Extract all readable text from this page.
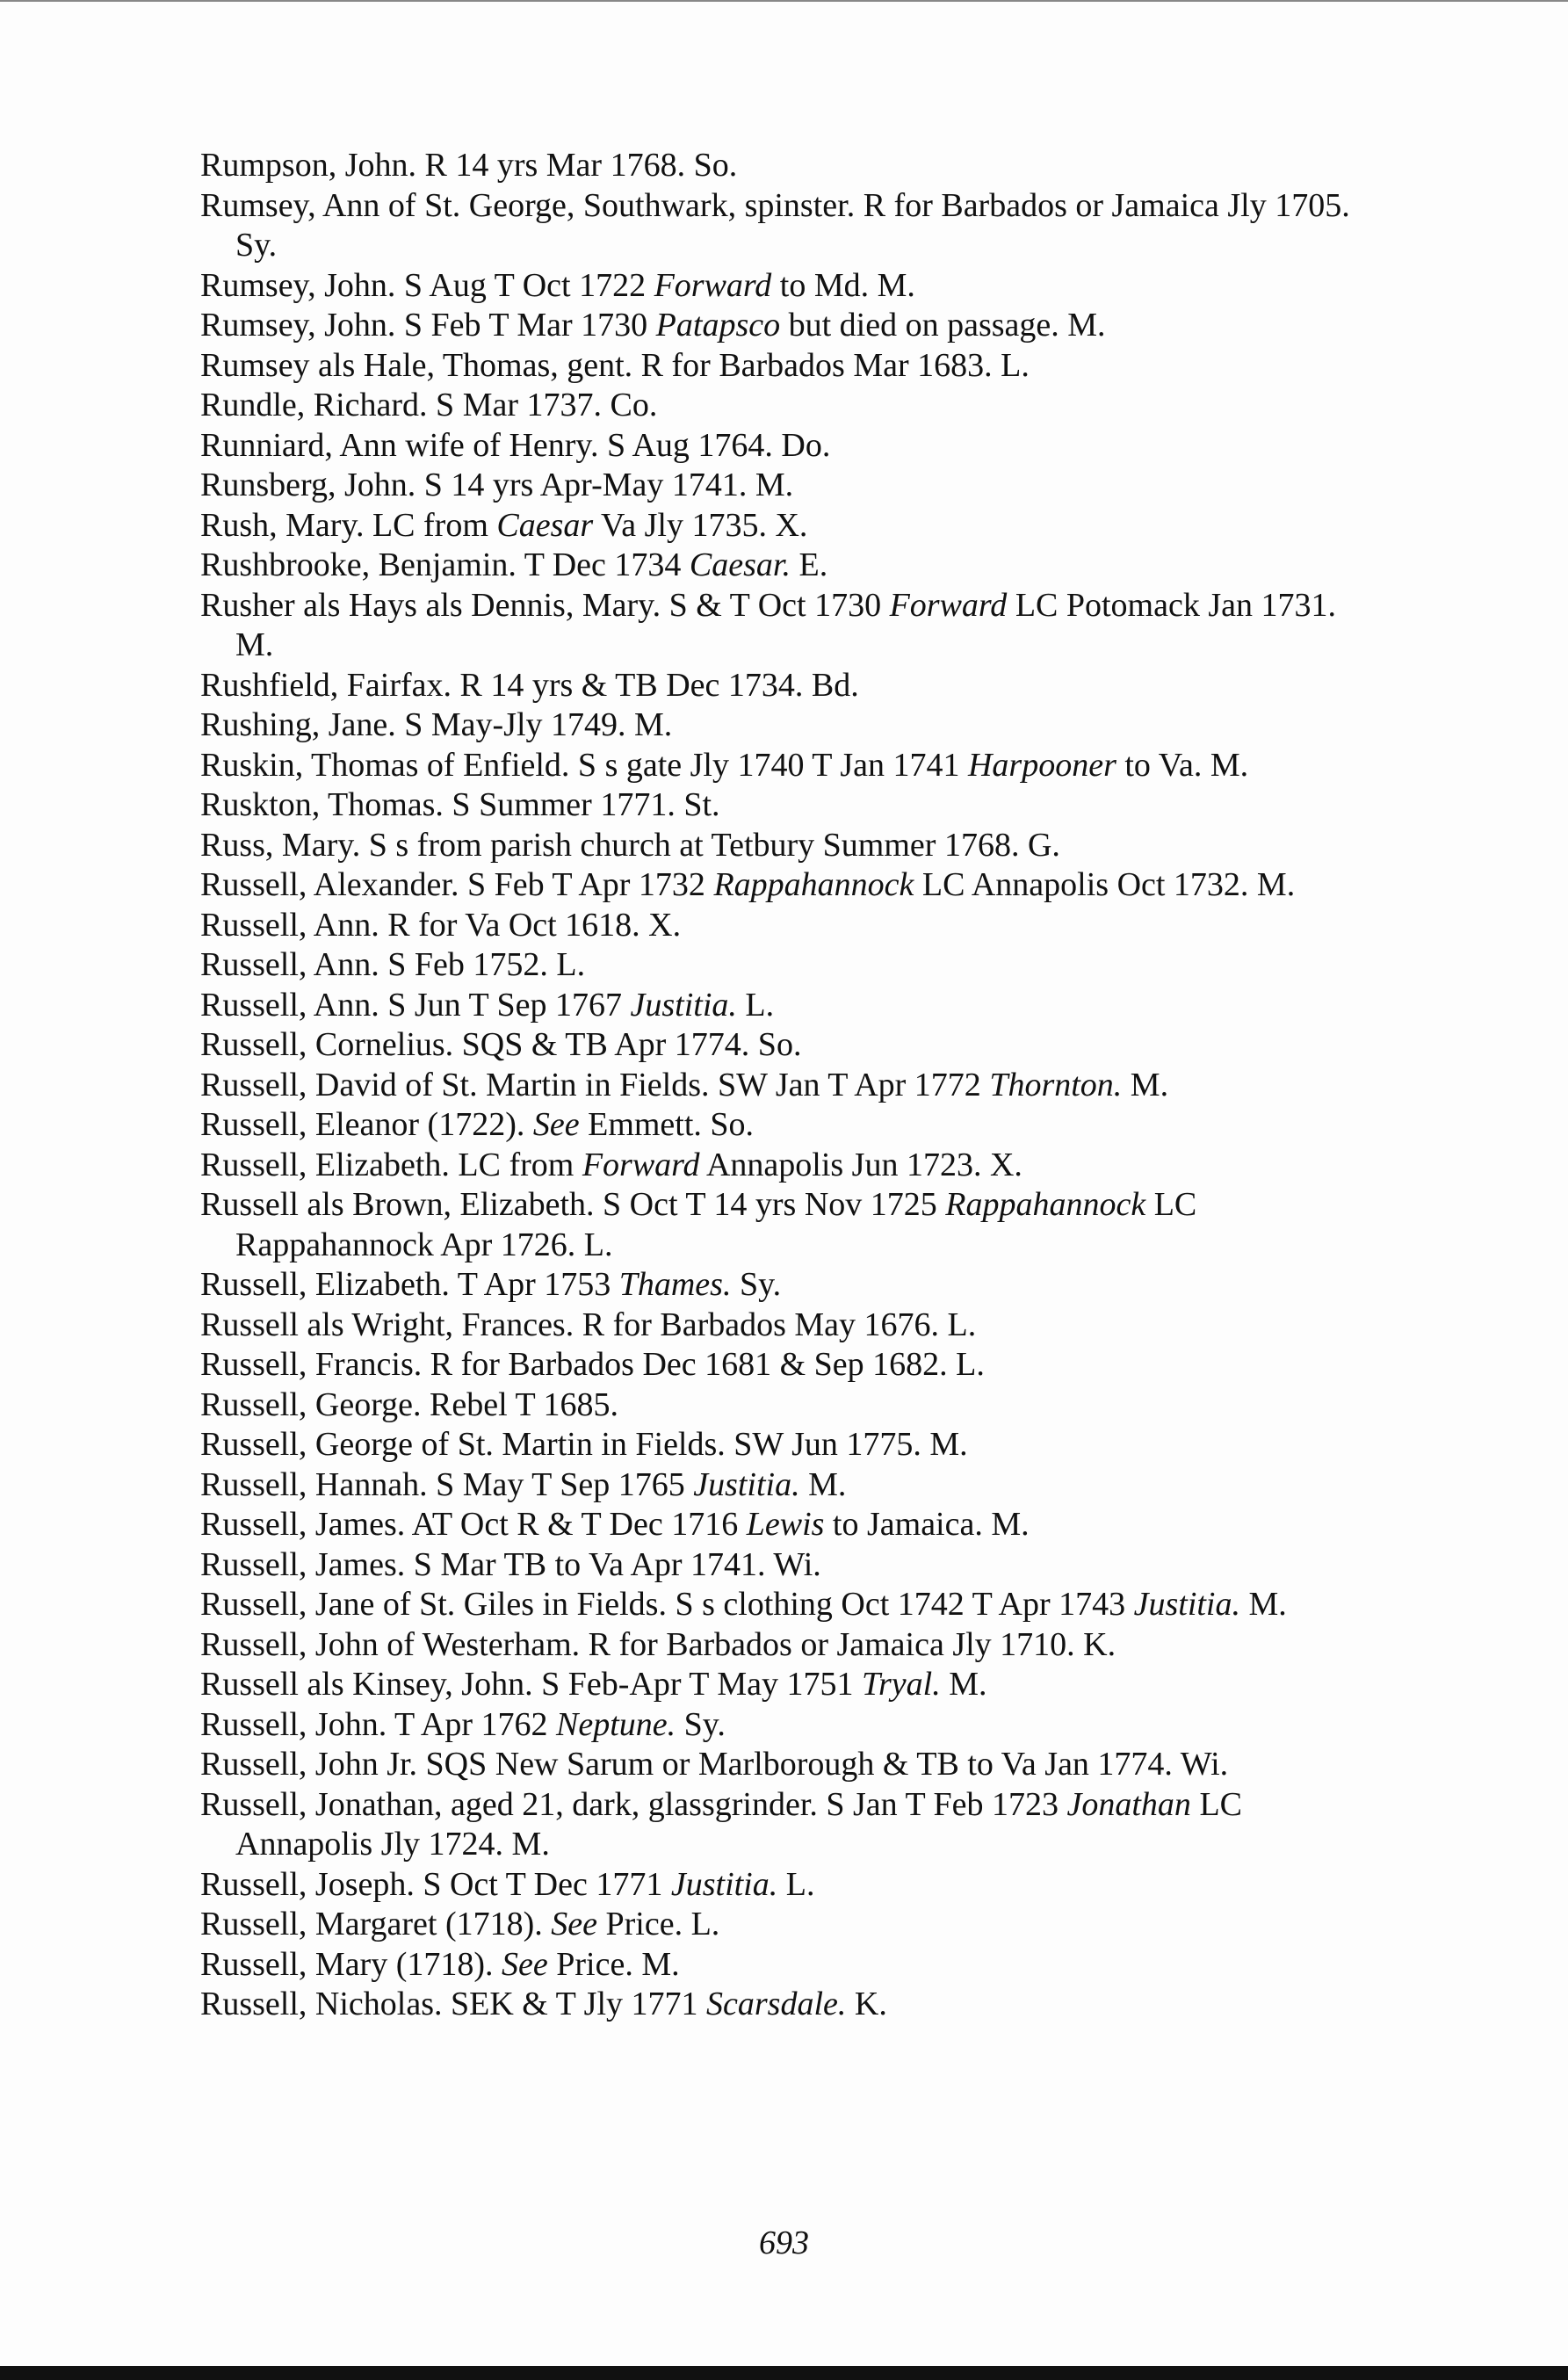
Rumpson, John. R 14 yrs Mar 1768. So.

Rumsey, Ann of St. George, Southwark, spinster. R for Barbados or Jamaica Jly 1705. Sy.

Rumsey, John. S Aug T Oct 1722 Forward to Md. M.

Rumsey, John. S Feb T Mar 1730 Patapsco but died on passage. M.

Rumsey als Hale, Thomas, gent. R for Barbados Mar 1683. L.

Rundle, Richard. S Mar 1737. Co.

Runniard, Ann wife of Henry. S Aug 1764. Do.

Runsberg, John. S 14 yrs Apr-May 1741. M.

Rush, Mary. LC from Caesar Va Jly 1735. X.

Rushbrooke, Benjamin. T Dec 1734 Caesar. E.

Rusher als Hays als Dennis, Mary. S & T Oct 1730 Forward LC Potomack Jan 1731. M.

Rushfield, Fairfax. R 14 yrs & TB Dec 1734. Bd.

Rushing, Jane. S May-Jly 1749. M.

Ruskin, Thomas of Enfield. S s gate Jly 1740 T Jan 1741 Harpooner to Va. M.

Ruskton, Thomas. S Summer 1771. St.

Russ, Mary. S s from parish church at Tetbury Summer 1768. G.

Russell, Alexander. S Feb T Apr 1732 Rappahannock LC Annapolis Oct 1732. M.

Russell, Ann. R for Va Oct 1618. X.

Russell, Ann. S Feb 1752. L.

Russell, Ann. S Jun T Sep 1767 Justitia. L.

Russell, Cornelius. SQS & TB Apr 1774. So.

Russell, David of St. Martin in Fields. SW Jan T Apr 1772 Thornton. M.

Russell, Eleanor (1722). See Emmett. So.

Russell, Elizabeth. LC from Forward Annapolis Jun 1723. X.

Russell als Brown, Elizabeth. S Oct T 14 yrs Nov 1725 Rappahannock LC Rappahannock Apr 1726. L.

Russell, Elizabeth. T Apr 1753 Thames. Sy.

Russell als Wright, Frances. R for Barbados May 1676. L.

Russell, Francis. R for Barbados Dec 1681 & Sep 1682. L.

Russell, George. Rebel T 1685.

Russell, George of St. Martin in Fields. SW Jun 1775. M.

Russell, Hannah. S May T Sep 1765 Justitia. M.

Russell, James. AT Oct R & T Dec 1716 Lewis to Jamaica. M.

Russell, James. S Mar TB to Va Apr 1741. Wi.

Russell, Jane of St. Giles in Fields. S s clothing Oct 1742 T Apr 1743 Justitia. M.

Russell, John of Westerham. R for Barbados or Jamaica Jly 1710. K.

Russell als Kinsey, John. S Feb-Apr T May 1751 Tryal. M.

Russell, John. T Apr 1762 Neptune. Sy.

Russell, John Jr. SQS New Sarum or Marlborough & TB to Va Jan 1774. Wi.

Russell, Jonathan, aged 21, dark, glassgrinder. S Jan T Feb 1723 Jonathan LC Annapolis Jly 1724. M.

Russell, Joseph. S Oct T Dec 1771 Justitia. L.

Russell, Margaret (1718). See Price. L.

Russell, Mary (1718). See Price. M.

Russell, Nicholas. SEK & T Jly 1771 Scarsdale. K.

693
